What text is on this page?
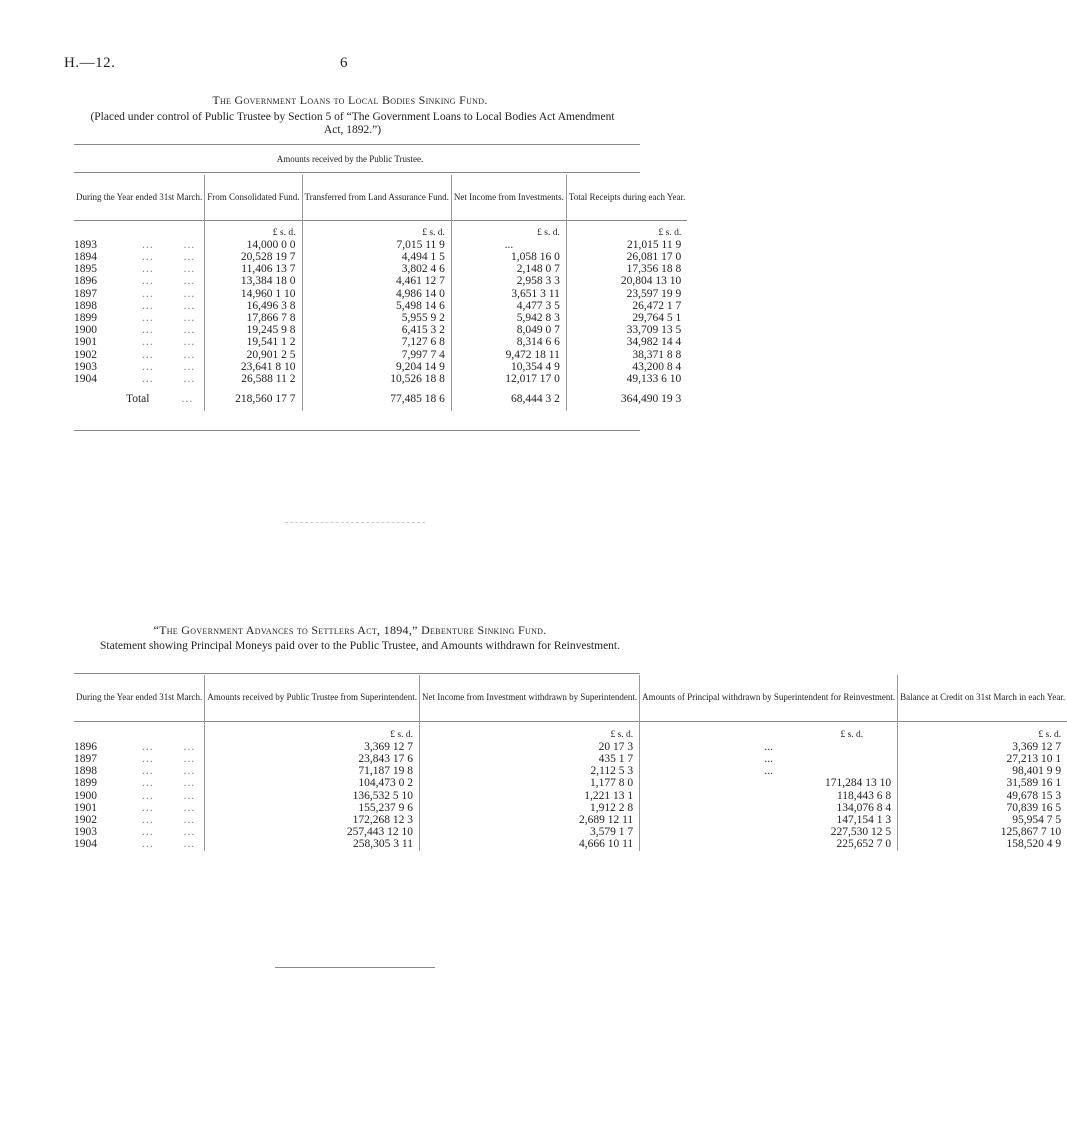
H.—12.	6
The Government Loans to Local Bodies Sinking Fund.
(Placed under control of Public Trustee by Section 5 of “The Government Loans to Local Bodies Act Amendment Act, 1892.”)
Amounts received by the Public Trustee.
During the Year ended 31st March.	From Consolidated Fund.	Transferred from Land Assurance Fund.	Net Income from Investments.	Total Receipts during each Year.
	£ s. d.	£ s. d.	£ s. d.	£ s. d.
1893 ... ...	14,000 0 0	7,015 11 9	...	21,015 11 9
1894 ... ...	20,528 19 7	4,494 1 5	1,058 16 0	26,081 17 0
1895 ... ...	11,406 13 7	3,802 4 6	2,148 0 7	17,356 18 8
1896 ... ...	13,384 18 0	4,461 12 7	2,958 3 3	20,804 13 10
1897 ... ...	14,960 1 10	4,986 14 0	3,651 3 11	23,597 19 9
1898 ... ...	16,496 3 8	5,498 14 6	4,477 3 5	26,472 1 7
1899 ... ...	17,866 7 8	5,955 9 2	5,942 8 3	29,764 5 1
1900 ... ...	19,245 9 8	6,415 3 2	8,049 0 7	33,709 13 5
1901 ... ...	19,541 1 2	7,127 6 8	8,314 6 6	34,982 14 4
1902 ... ...	20,901 2 5	7,997 7 4	9,472 18 11	38,371 8 8
1903 ... ...	23,641 8 10	9,204 14 9	10,354 4 9	43,200 8 4
1904 ... ...	26,588 11 2	10,526 18 8	12,017 17 0	49,133 6 10

Total ...	218,560 17 7	77,485 18 6	68,444 3 2	364,490 19 3

“The Government Advances to Settlers Act, 1894,” Debenture Sinking Fund.
Statement showing Principal Moneys paid over to the Public Trustee, and Amounts withdrawn for Reinvestment.
During the Year ended 31st March.	Amounts received by Public Trustee from Superintendent.	Net Income from Investment withdrawn by Superintendent.	Amounts of Principal withdrawn by Superintendent for Reinvestment.	Balance at Credit on 31st March in each Year.
	£ s. d.	£ s. d.	£ s. d.	£ s. d.
1896 ... ...	3,369 12 7	20 17 3	...	3,369 12 7
1897 ... ...	23,843 17 6	435 1 7	...	27,213 10 1
1898 ... ...	71,187 19 8	2,112 5 3	...	98,401 9 9
1899 ... ...	104,473 0 2	1,177 8 0	171,284 13 10	31,589 16 1
1900 ... ...	136,532 5 10	1,221 13 1	118,443 6 8	49,678 15 3
1901 ... ...	155,237 9 6	1,912 2 8	134,076 8 4	70,839 16 5
1902 ... ...	172,268 12 3	2,689 12 11	147,154 1 3	95,954 7 5
1903 ... ...	257,443 12 10	3,579 1 7	227,530 12 5	125,867 7 10
1904 ... ...	258,305 3 11	4,666 10 11	225,652 7 0	158,520 4 9
